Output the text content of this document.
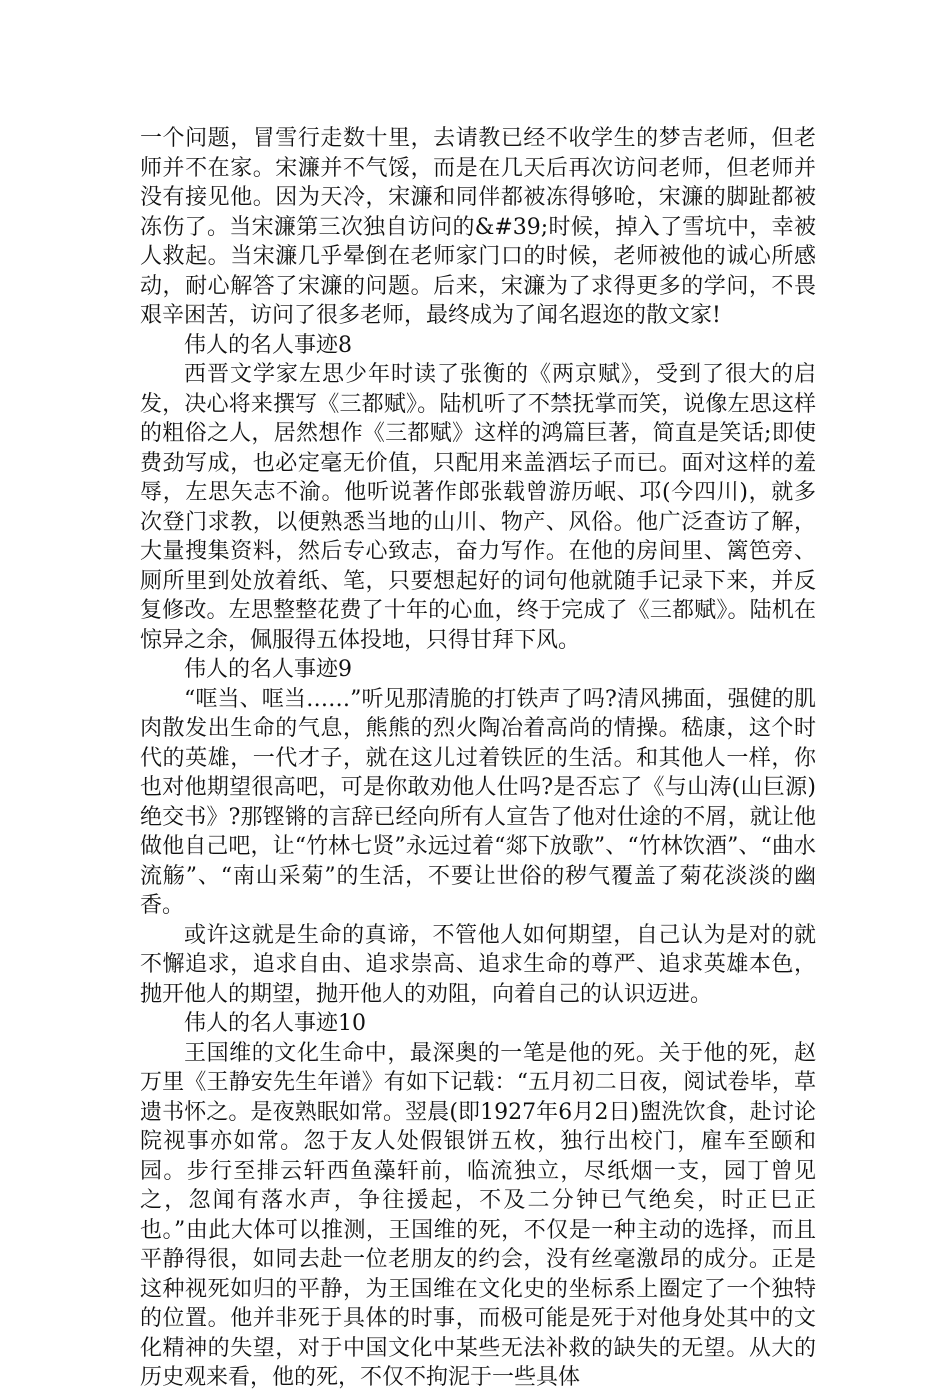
一个问题，冒雪行走数十里，去请教已经不收学生的梦吉老师，但老师并不在家。宋濂并不气馁，而是在几天后再次访问老师，但老师并没有接见他。因为天冷，宋濂和同伴都被冻得够呛，宋濂的脚趾都被冻伤了。当宋濂第三次独自访问的&#39;时候，掉入了雪坑中，幸被人救起。当宋濂几乎晕倒在老师家门口的时候，老师被他的诚心所感动，耐心解答了宋濂的问题。后来，宋濂为了求得更多的学问，不畏艰辛困苦，访问了很多老师，最终成为了闻名遐迩的散文家!

伟人的名人事迹8

西晋文学家左思少年时读了张衡的《两京赋》，受到了很大的启发，决心将来撰写《三都赋》。陆机听了不禁抚掌而笑，说像左思这样的粗俗之人，居然想作《三都赋》这样的鸿篇巨著，简直是笑话;即使费劲写成，也必定毫无价值，只配用来盖酒坛子而已。面对这样的羞辱，左思矢志不渝。他听说著作郎张载曾游历岷、邛(今四川)，就多次登门求教，以便熟悉当地的山川、物产、风俗。他广泛查访了解，大量搜集资料，然后专心致志，奋力写作。在他的房间里、篱笆旁、厕所里到处放着纸、笔，只要想起好的词句他就随手记录下来，并反复修改。左思整整花费了十年的心血，终于完成了《三都赋》。陆机在惊异之余，佩服得五体投地，只得甘拜下风。

伟人的名人事迹9

“哐当、哐当……”听见那清脆的打铁声了吗?清风拂面，强健的肌肉散发出生命的气息，熊熊的烈火陶冶着高尚的情操。嵇康，这个时代的英雄，一代才子，就在这儿过着铁匠的生活。和其他人一样，你也对他期望很高吧，可是你敢劝他人仕吗?是否忘了《与山涛(山巨源)绝交书》?那铿锵的言辞已经向所有人宣告了他对仕途的不屑，就让他做他自己吧，让“竹林七贤”永远过着“郯下放歌”、“竹林饮酒”、“曲水流觞”、“南山采菊”的生活，不要让世俗的秽气覆盖了菊花淡淡的幽香。

或许这就是生命的真谛，不管他人如何期望，自己认为是对的就不懈追求，追求自由、追求崇高、追求生命的尊严、追求英雄本色，抛开他人的期望，抛开他人的劝阻，向着自己的认识迈进。

伟人的名人事迹10

王国维的文化生命中，最深奥的一笔是他的死。关于他的死，赵万里《王静安先生年谱》有如下记载：“五月初二日夜，阅试卷毕，草遗书怀之。是夜熟眠如常。翌晨(即1927年6月2日)盥洗饮食，赴讨论院视事亦如常。忽于友人处假银饼五枚，独行出校门，雇车至颐和园。步行至排云轩西鱼藻轩前，临流独立，尽纸烟一支，园丁曾见之，忽闻有落水声，争往援起，不及二分钟已气绝矣，时正巳正也。”由此大体可以推测，王国维的死，不仅是一种主动的选择，而且平静得很，如同去赴一位老朋友的约会，没有丝毫激昂的成分。正是这种视死如归的平静，为王国维在文化史的坐标系上圈定了一个独特的位置。他并非死于具体的时事，而极可能是死于对他身处其中的文化精神的失望，对于中国文化中某些无法补救的缺失的无望。从大的历史观来看，他的死，不仅不拘泥于一些具体
